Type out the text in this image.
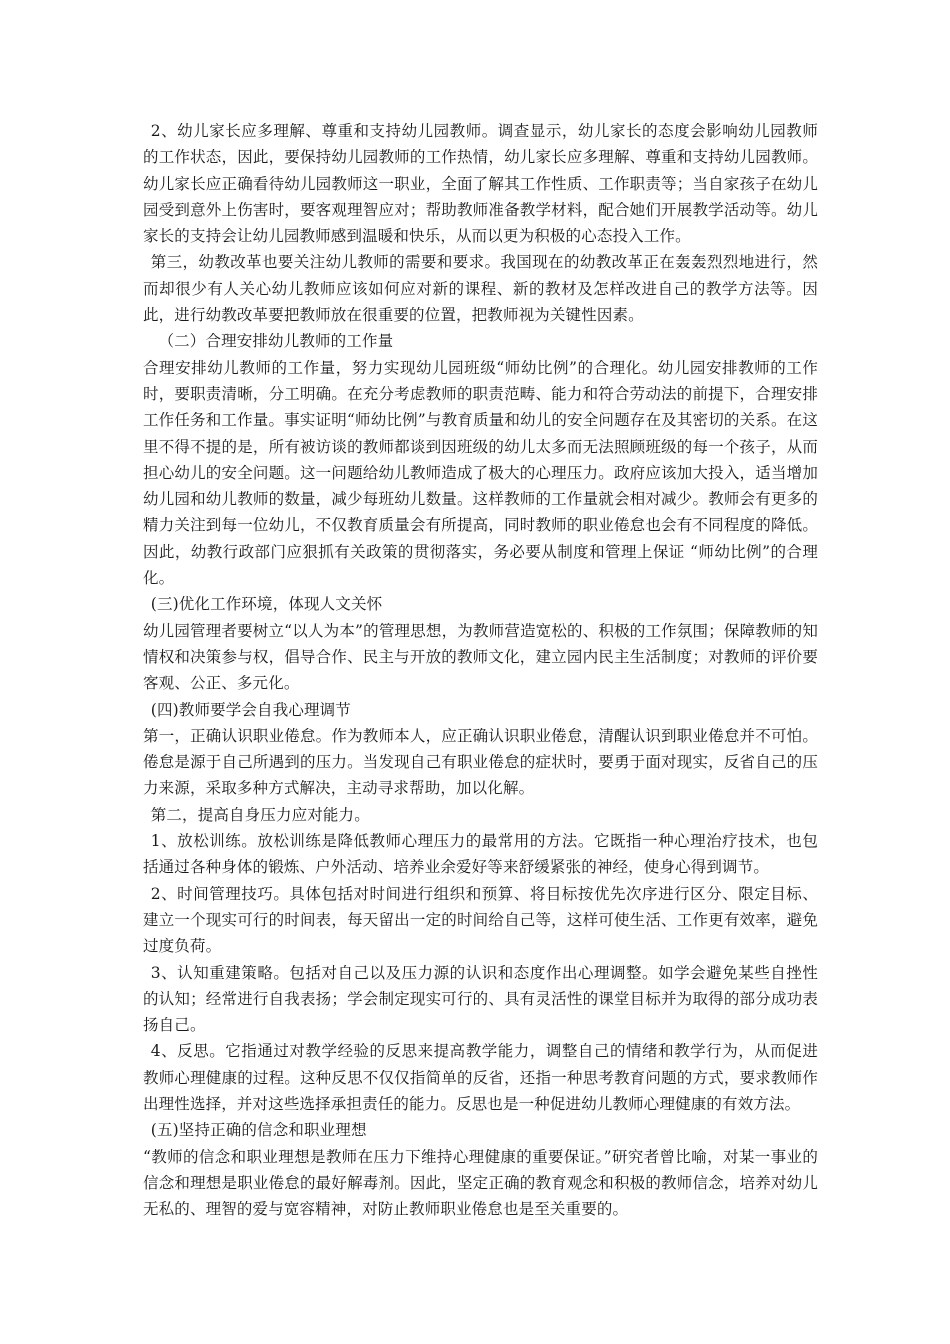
2、幼儿家长应多理解、尊重和支持幼儿园教师。调查显示，幼儿家长的态度会影响幼儿园教师的工作状态，因此，要保持幼儿园教师的工作热情，幼儿家长应多理解、尊重和支持幼儿园教师。幼儿家长应正确看待幼儿园教师这一职业，全面了解其工作性质、工作职责等；当自家孩子在幼儿园受到意外上伤害时，要客观理智应对；帮助教师准备教学材料，配合她们开展教学活动等。幼儿家长的支持会让幼儿园教师感到温暖和快乐，从而以更为积极的心态投入工作。

第三，幼教改革也要关注幼儿教师的需要和要求。我国现在的幼教改革正在轰轰烈烈地进行，然而却很少有人关心幼儿教师应该如何应对新的课程、新的教材及怎样改进自己的教学方法等。因此，进行幼教改革要把教师放在很重要的位置，把教师视为关键性因素。

（二）合理安排幼儿教师的工作量

合理安排幼儿教师的工作量，努力实现幼儿园班级“师幼比例”的合理化。幼儿园安排教师的工作时，要职责清晰，分工明确。在充分考虑教师的职责范畴、能力和符合劳动法的前提下，合理安排工作任务和工作量。事实证明“师幼比例”与教育质量和幼儿的安全问题存在及其密切的关系。在这里不得不提的是，所有被访谈的教师都谈到因班级的幼儿太多而无法照顾班级的每一个孩子，从而担心幼儿的安全问题。这一问题给幼儿教师造成了极大的心理压力。政府应该加大投入，适当增加幼儿园和幼儿教师的数量，减少每班幼儿数量。这样教师的工作量就会相对减少。教师会有更多的精力关注到每一位幼儿，不仅教育质量会有所提高，同时教师的职业倦怠也会有不同程度的降低。因此，幼教行政部门应狠抓有关政策的贯彻落实，务必要从制度和管理上保证 “师幼比例”的合理化。

(三)优化工作环境，体现人文关怀

幼儿园管理者要树立“以人为本”的管理思想，为教师营造宽松的、积极的工作氛围；保障教师的知情权和决策参与权，倡导合作、民主与开放的教师文化，建立园内民主生活制度；对教师的评价要客观、公正、多元化。

(四)教师要学会自我心理调节

第一，正确认识职业倦怠。作为教师本人，应正确认识职业倦怠，清醒认识到职业倦怠并不可怕。倦怠是源于自己所遇到的压力。当发现自己有职业倦怠的症状时，要勇于面对现实，反省自己的压力来源，采取多种方式解决，主动寻求帮助，加以化解。

第二，提高自身压力应对能力。

1、放松训练。放松训练是降低教师心理压力的最常用的方法。它既指一种心理治疗技术，也包括通过各种身体的锻炼、户外活动、培养业余爱好等来舒缓紧张的神经，使身心得到调节。

2、时间管理技巧。具体包括对时间进行组织和预算、将目标按优先次序进行区分、限定目标、建立一个现实可行的时间表，每天留出一定的时间给自己等，这样可使生活、工作更有效率，避免过度负荷。

3、认知重建策略。包括对自己以及压力源的认识和态度作出心理调整。如学会避免某些自挫性的认知；经常进行自我表扬；学会制定现实可行的、具有灵活性的课堂目标并为取得的部分成功表扬自己。

4、反思。它指通过对教学经验的反思来提高教学能力，调整自己的情绪和教学行为，从而促进教师心理健康的过程。这种反思不仅仅指简单的反省，还指一种思考教育问题的方式，要求教师作出理性选择，并对这些选择承担责任的能力。反思也是一种促进幼儿教师心理健康的有效方法。

(五)坚持正确的信念和职业理想

“教师的信念和职业理想是教师在压力下维持心理健康的重要保证。”研究者曾比喻，对某一事业的信念和理想是职业倦怠的最好解毒剂。因此，坚定正确的教育观念和积极的教师信念，培养对幼儿无私的、理智的爱与宽容精神，对防止教师职业倦怠也是至关重要的。
